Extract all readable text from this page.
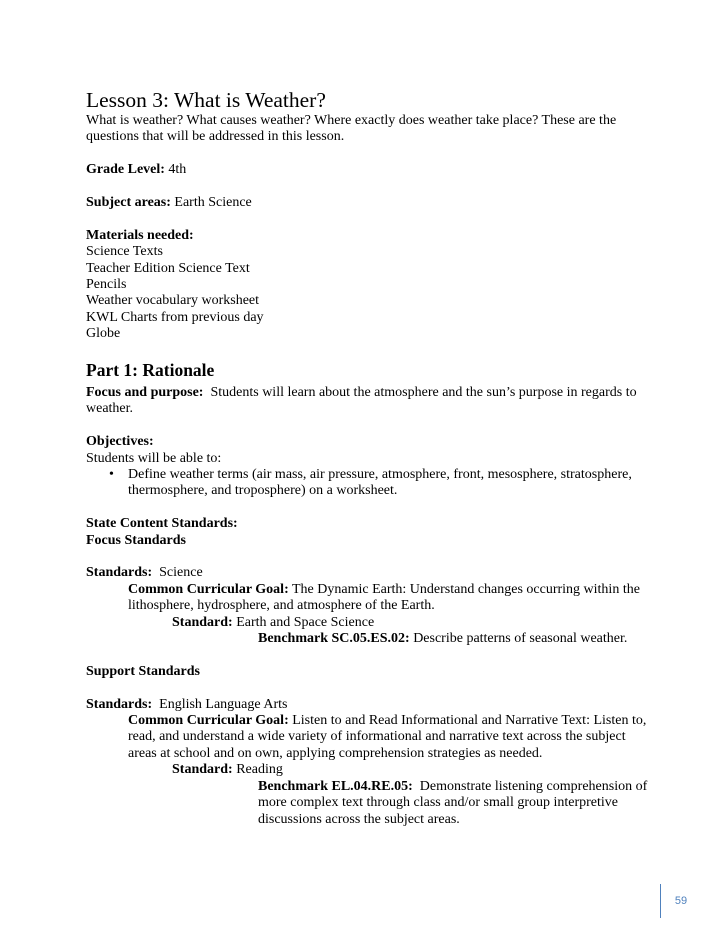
Lesson 3: What is Weather?

What is weather? What causes weather? Where exactly does weather take place? These are the questions that will be addressed in this lesson.

Grade Level: 4th

Subject areas: Earth Science

Materials needed:

Science Texts
Teacher Edition Science Text
Pencils
Weather vocabulary worksheet
KWL Charts from previous day
Globe
Part 1: Rationale

Focus and purpose: Students will learn about the atmosphere and the sun’s purpose in regards to weather.

Objectives:

Students will be able to:

• Define weather terms (air mass, air pressure, atmosphere, front, mesosphere, stratosphere, thermosphere, and troposphere) on a worksheet.

State Content Standards:

Focus Standards

Standards: Science

Common Curricular Goal: The Dynamic Earth: Understand changes occurring within the lithosphere, hydrosphere, and atmosphere of the Earth.

Standard: Earth and Space Science

Benchmark SC.05.ES.02: Describe patterns of seasonal weather.

Support Standards

Standards: English Language Arts

Common Curricular Goal: Listen to and Read Informational and Narrative Text: Listen to, read, and understand a wide variety of informational and narrative text across the subject areas at school and on own, applying comprehension strategies as needed.

Standard: Reading

Benchmark EL.04.RE.05: Demonstrate listening comprehension of more complex text through class and/or small group interpretive discussions across the subject areas.

59
